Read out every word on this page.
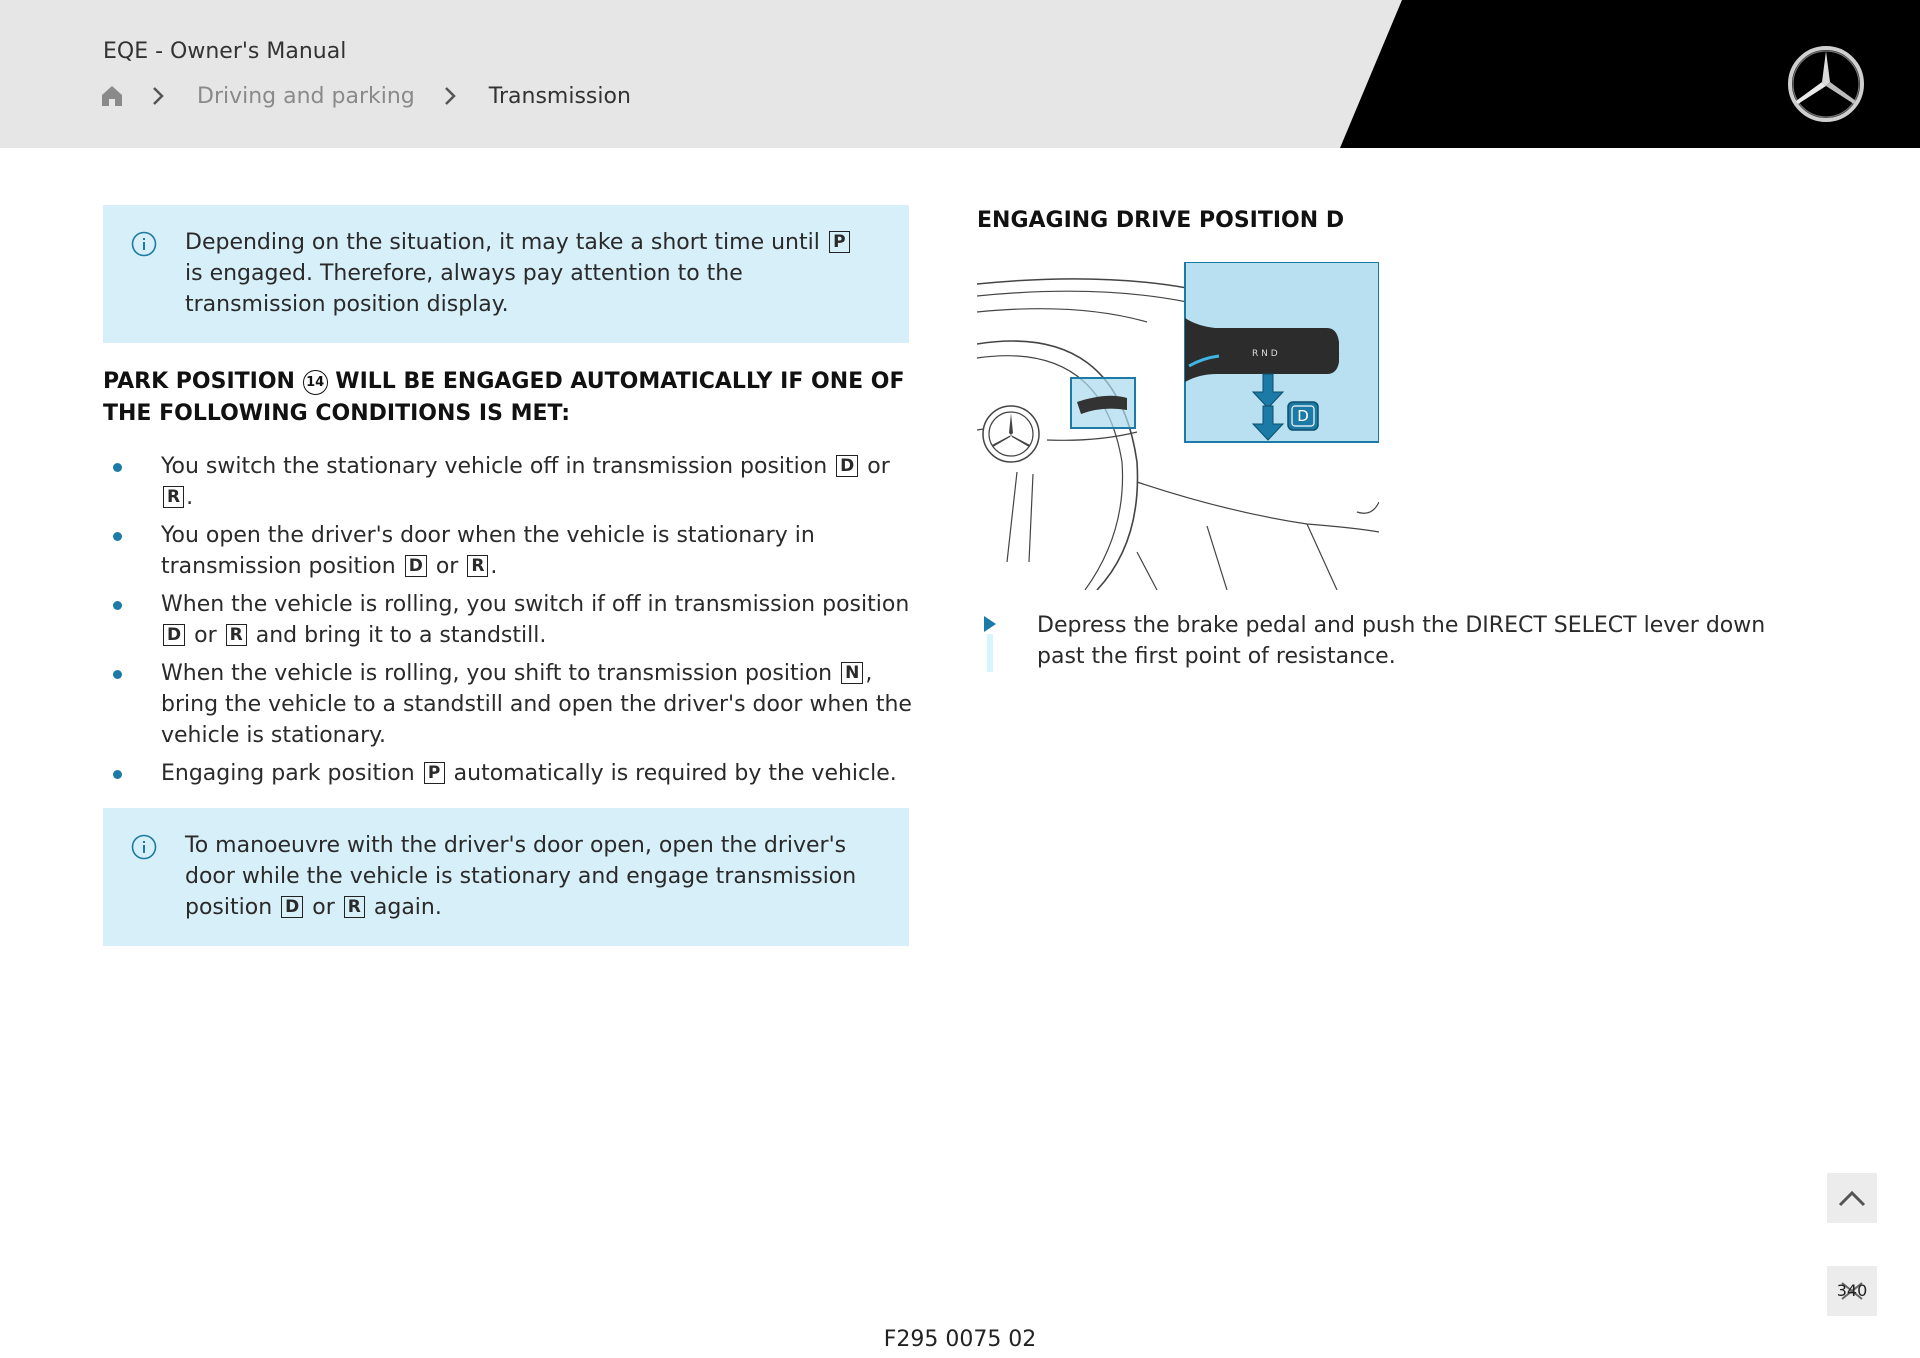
EQE - Owner's Manual
Driving and parking	Transmission
Depending on the situation, it may take a short time until P is engaged. Therefore, always pay attention to the transmission position display.
PARK POSITION 14 WILL BE ENGAGED AUTOMATICALLY IF ONE OF THE FOLLOWING CONDITIONS IS MET:
You switch the stationary vehicle off in transmission position D or R .
You open the driver's door when the vehicle is stationary in transmission position D or R .
When the vehicle is rolling, you switch if off in transmission position D or R and bring it to a standstill.
When the vehicle is rolling, you shift to transmission position N , bring the vehicle to a standstill and open the driver's door when the vehicle is stationary.
Engaging park position P automatically is required by the vehicle.
To manoeuvre with the driver's door open, open the driver's door while the vehicle is stationary and engage transmission position D or R again.
ENGAGING DRIVE POSITION D
R N D
D
Depress the brake pedal and push the DIRECT SELECT lever down past the first point of resistance.
340
F295 0075 02
